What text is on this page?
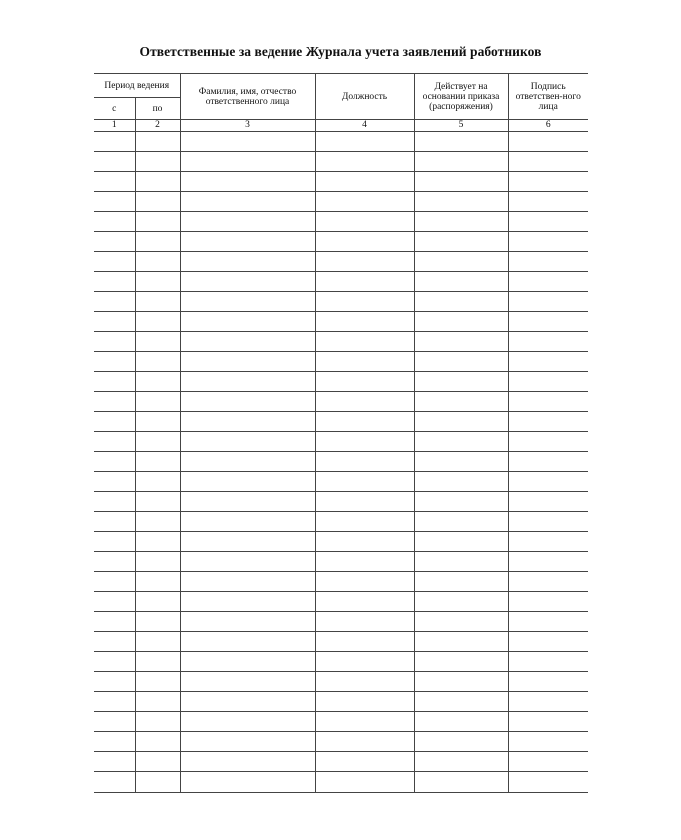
Ответственные за ведение Журнала учета заявлений работников
Период ведения		Фамилия, имя, отчество ответственного лица	Должность	Действует на основании приказа (распоряжения)	Подпись ответствен-ного лица
с	по				
1	2	3	4	5	6
